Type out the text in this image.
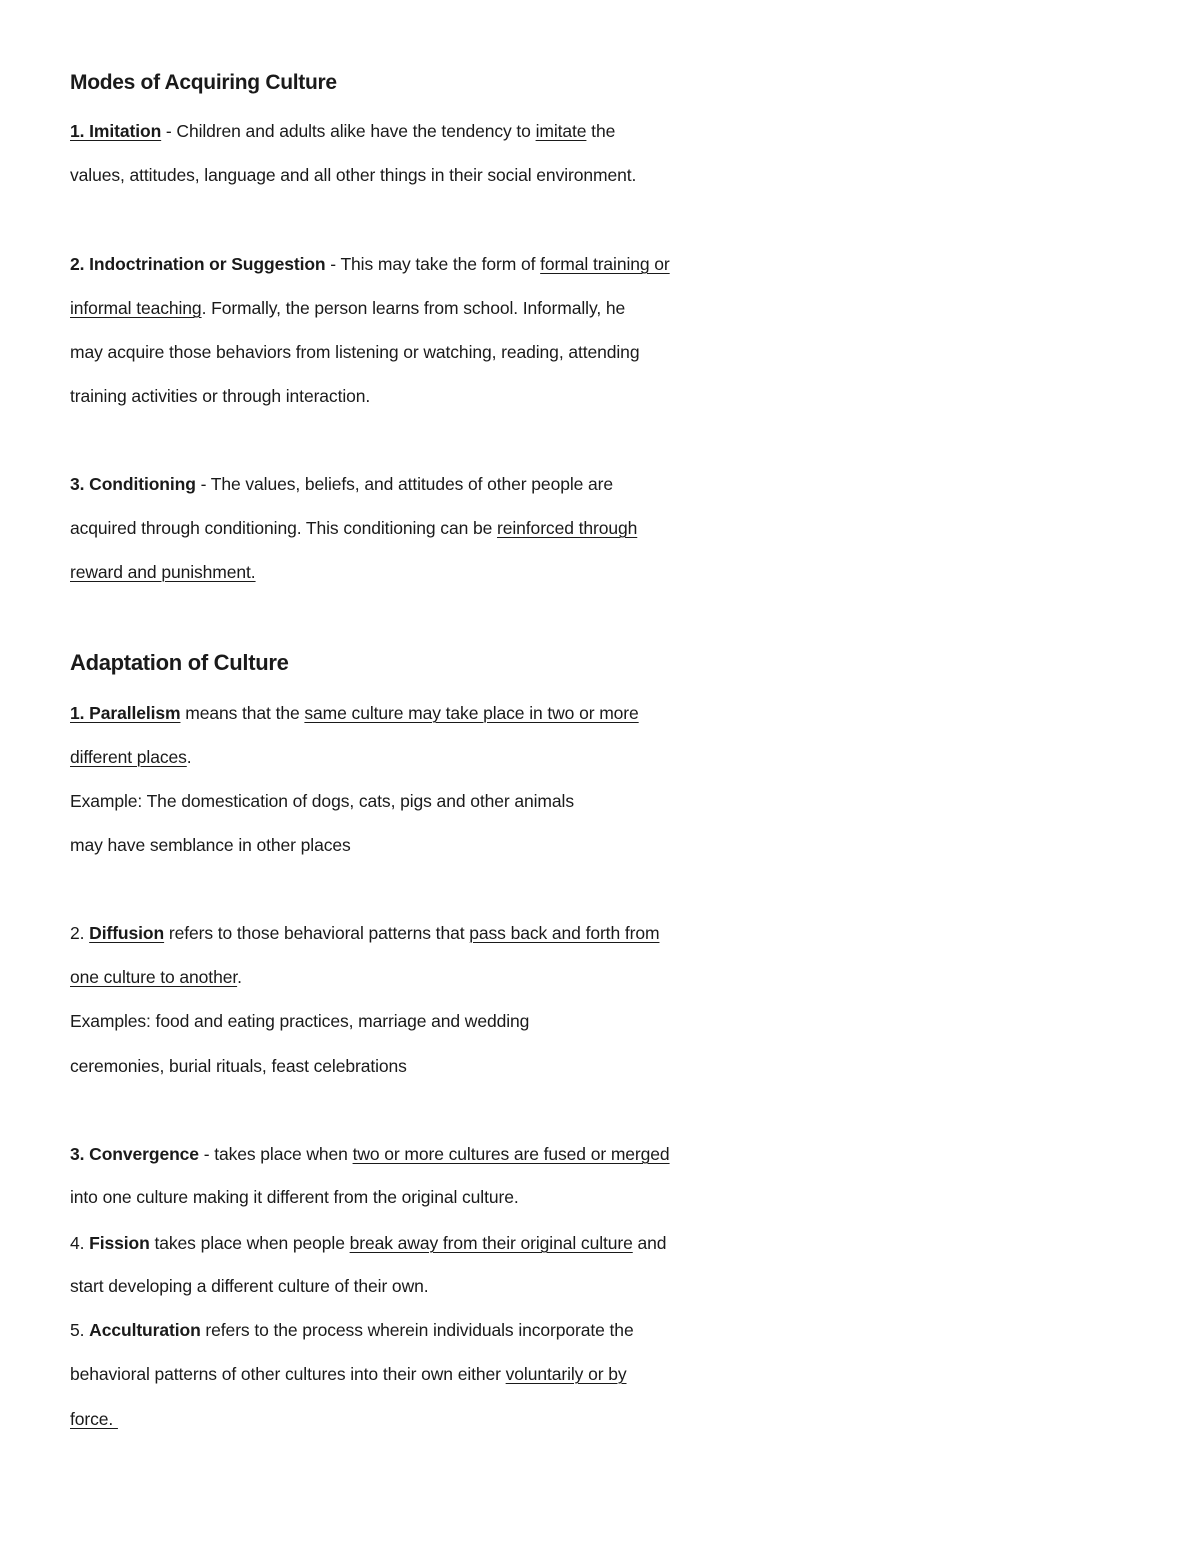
Modes of Acquiring Culture
1. Imitation - Children and adults alike have the tendency to imitate the
values, attitudes, language and all other things in their social environment.
2. Indoctrination or Suggestion - This may take the form of formal training or
informal teaching. Formally, the person learns from school. Informally, he
may acquire those behaviors from listening or watching, reading, attending
training activities or through interaction.
3. Conditioning - The values, beliefs, and attitudes of other people are
acquired through conditioning. This conditioning can be reinforced through
reward and punishment.
Adaptation of Culture
1. Parallelism means that the same culture may take place in two or more
different places.
Example: The domestication of dogs, cats, pigs and other animals
may have semblance in other places
2. Diffusion refers to those behavioral patterns that pass back and forth from
one culture to another.
Examples: food and eating practices, marriage and wedding
ceremonies, burial rituals, feast celebrations
3. Convergence - takes place when two or more cultures are fused or merged
into one culture making it different from the original culture.
4. Fission takes place when people break away from their original culture and
start developing a different culture of their own.
5. Acculturation refers to the process wherein individuals incorporate the
behavioral patterns of other cultures into their own either voluntarily or by
force.
